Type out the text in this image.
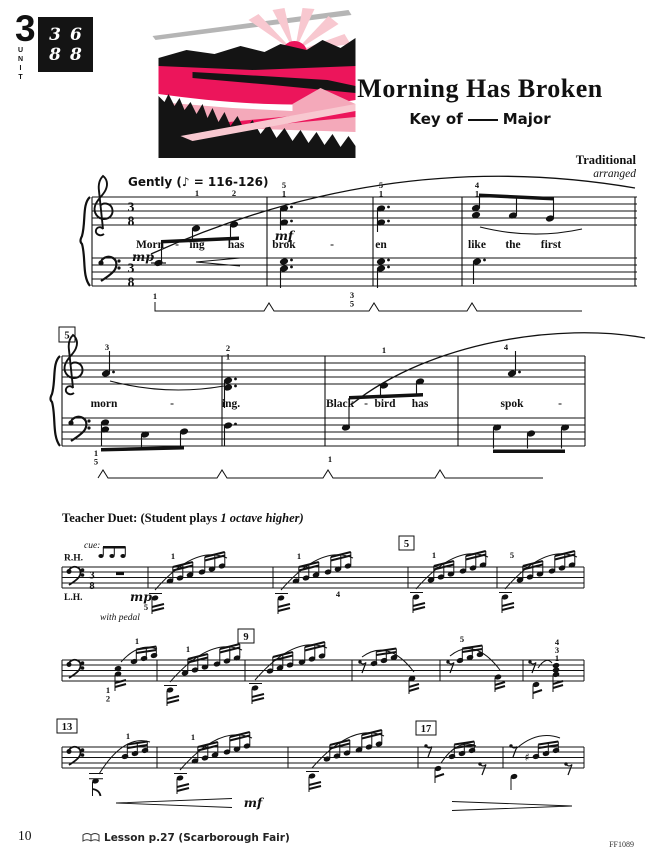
3
UNIT
3
8
6
8
Morning Has Broken
Key of	Major
Traditional
arranged
Gently (♪ = 116-126)
3
8
3
8
1	2
5
1
5
1
4
1
mp
mf
Morn - ing has brok	-	en	like the first
1	3
5
5
3	2
1
1	4
morn	-	ing.	Black - bird has	spok	-
1
5	1
Teacher Duet: (Student plays 1 octave higher)
cue:
R.H.
3
8
L.H.	mp
with pedal
5
5
1	1
4
1	5
9
1
2
1
1
5	4
3
1
13	17
1	1
mf
♯
10	Lesson p.27 (Scarborough Fair)
FF1089
